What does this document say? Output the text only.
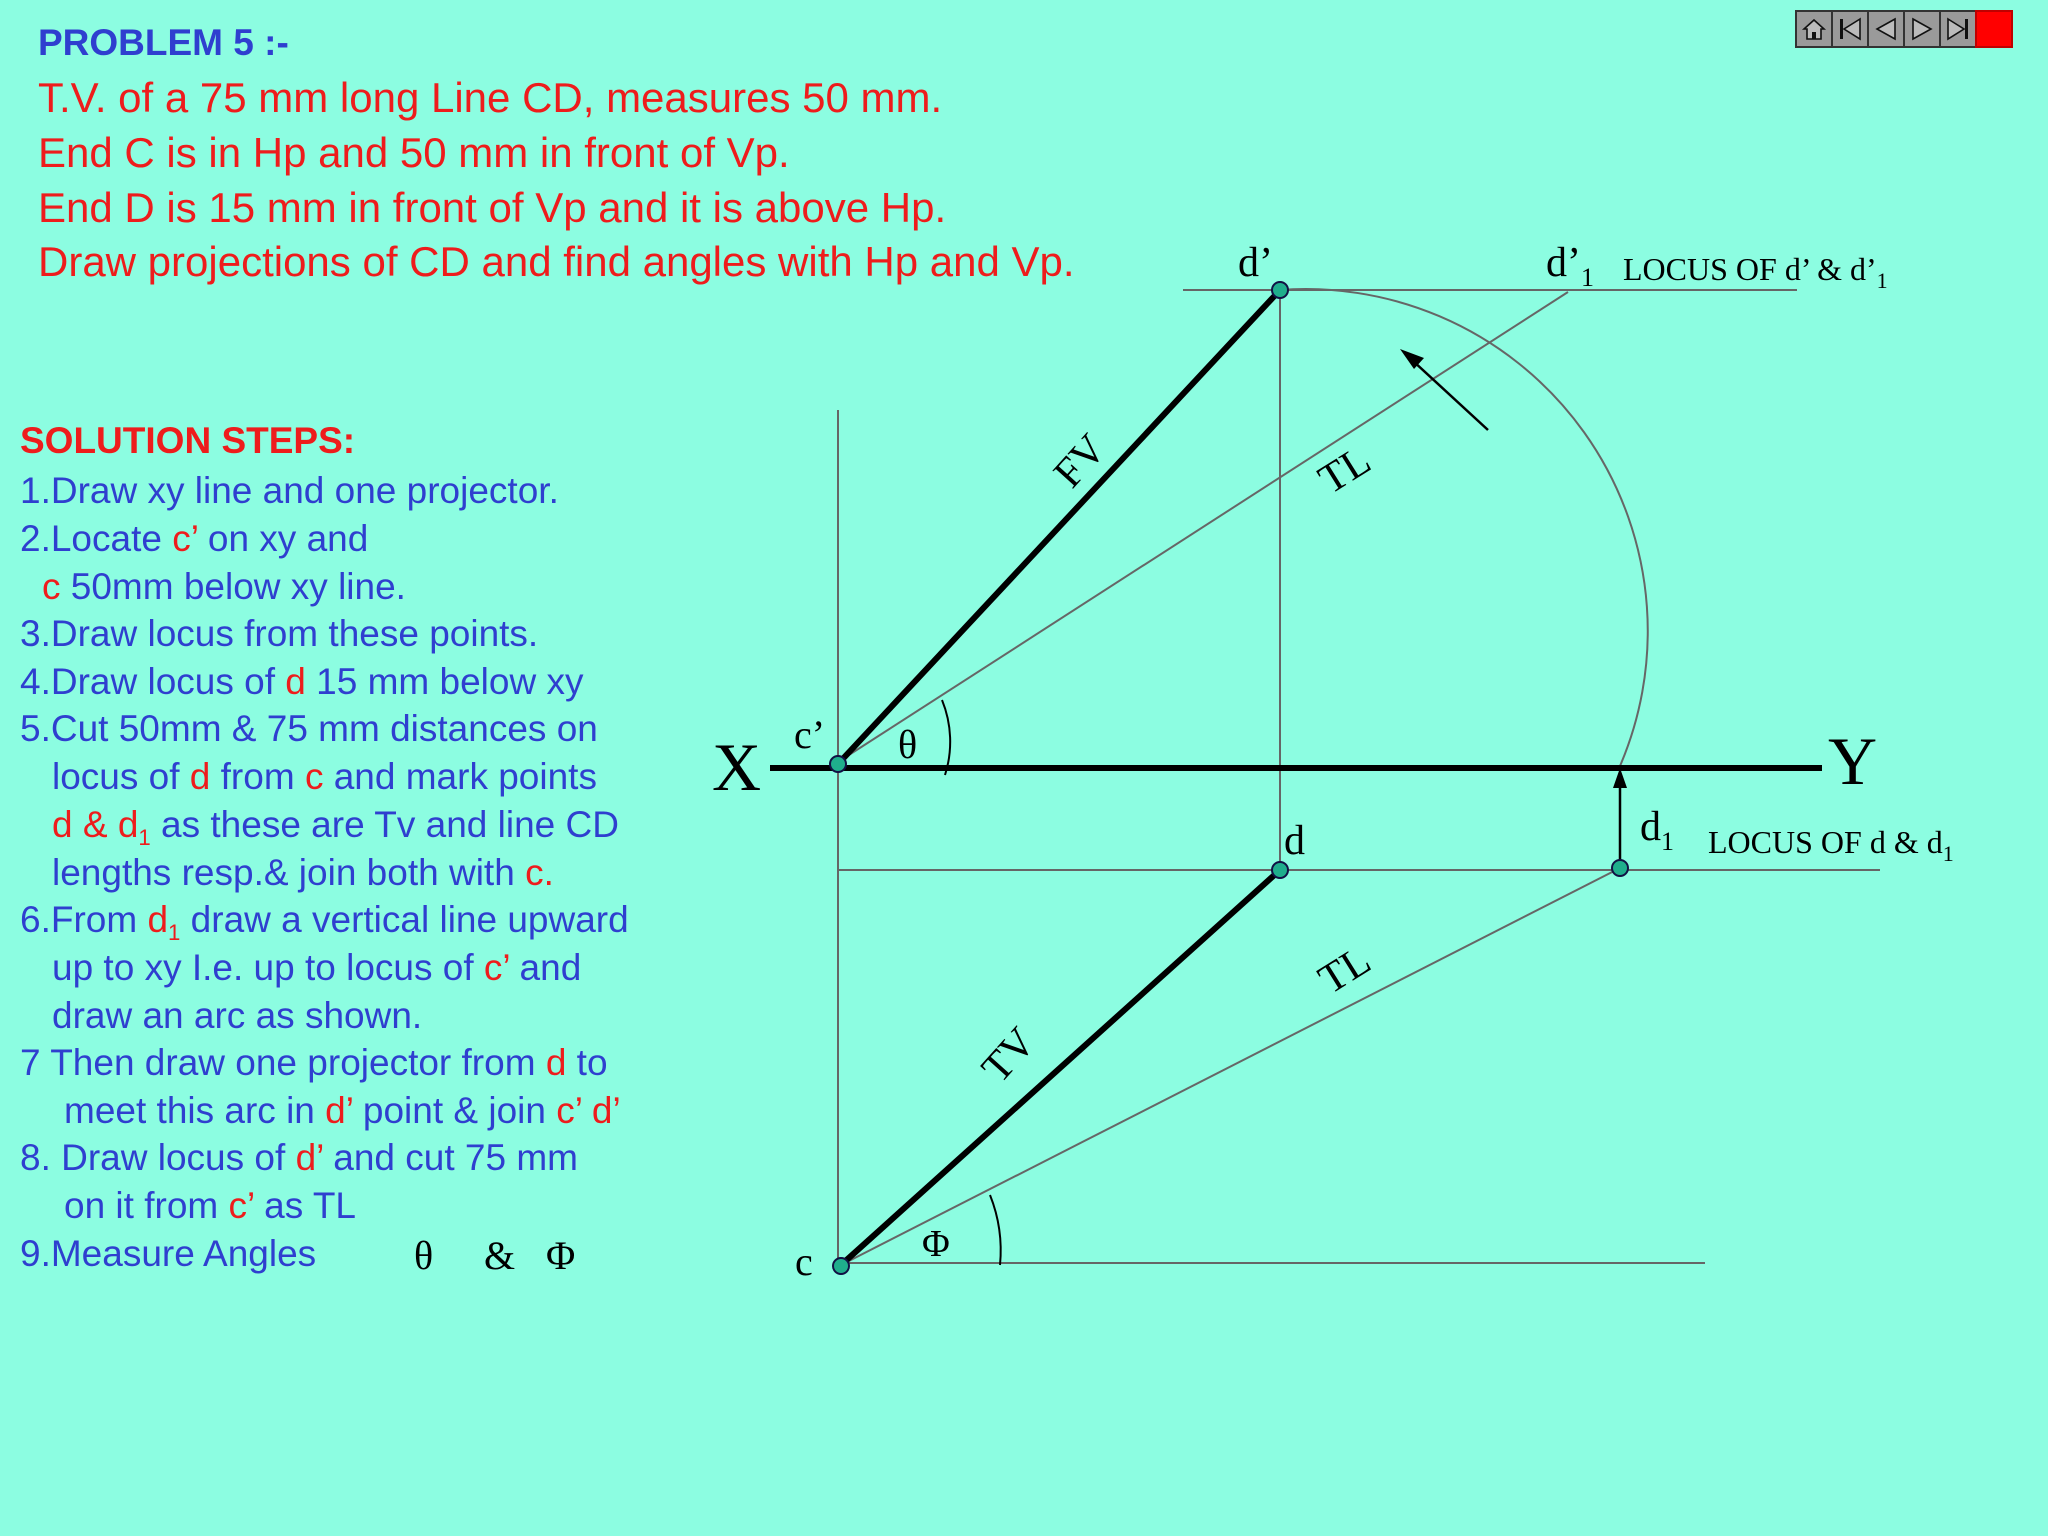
PROBLEM 5 :-
T.V. of a 75 mm long Line CD, measures 50 mm.
End C is in Hp and 50 mm in front of Vp.
End D is 15 mm in front of Vp and it is above Hp.
Draw projections of CD and find angles with Hp and Vp.
SOLUTION STEPS:
1.Draw xy line and one projector.
2.Locate c’ on xy and
c 50mm below xy line.
3.Draw locus from these points.
4.Draw locus of d 15 mm below xy
5.Cut 50mm & 75 mm distances on
locus of d from c and mark points
d & $d_1$ as these are Tv and line CD
lengths resp.& join both with c.
6.From $d_1$ draw a vertical line upward
up to xy I.e. up to locus of c’ and
draw an arc as shown.
7 Then draw one projector from d to
meet this arc in d’ point & join c’ d’
8. Draw locus of d’ and cut 75 mm
on it from c’ as TL
9.Measure Angles θ & Φ
X	Y
c’
c
d’
d
$d’_1$
$d_1$
LOCUS OF d’ & $d’_1$
LOCUS OF d & $d_1$
θ
Φ
FV
TV
TL
TL
